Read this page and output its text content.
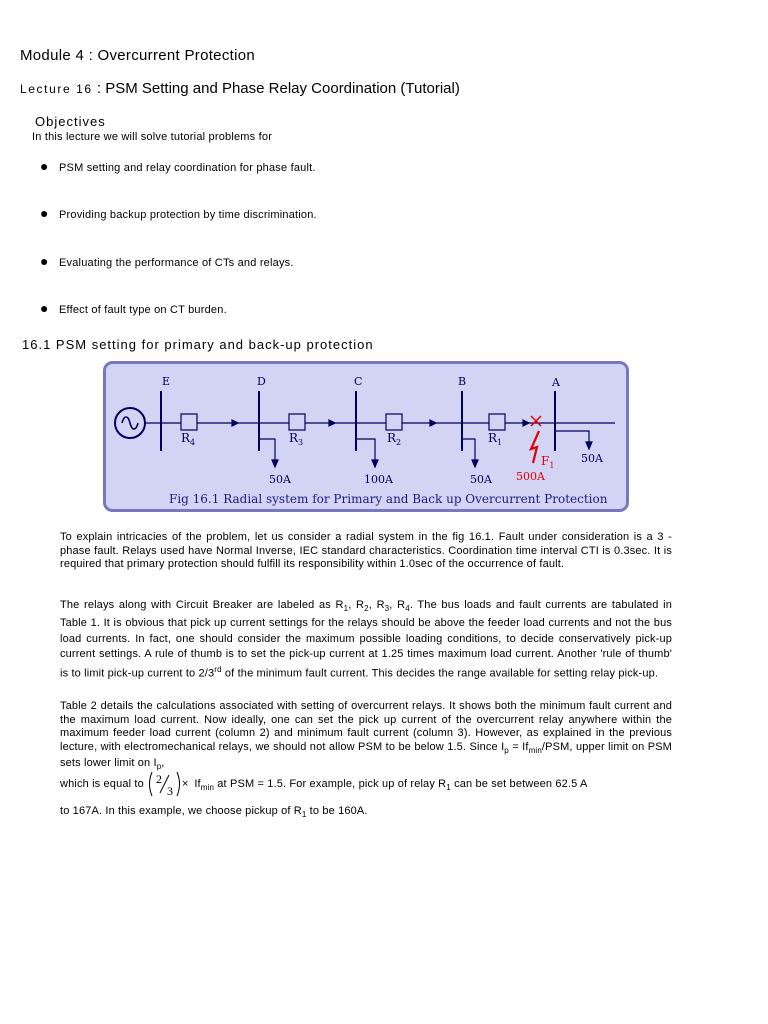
Module 4 : Overcurrent Protection
Lecture 16 : PSM Setting and Phase Relay Coordination (Tutorial)
Objectives
In this lecture we will solve tutorial problems for
● PSM setting and relay coordination for phase fault.
● Providing backup protection by time discrimination.
● Evaluating the performance of CTs and relays.
● Effect of fault type on CT burden.
16.1 PSM setting for primary and back-up protection
E	D	C	B	A
$R_4$	$R_3$	$R_2$	$R_1$
50A	100A	50A
50A
500A
$F_1$
Fig 16.1 Radial system for Primary and Back up Overcurrent Protection
To explain intricacies of the problem, let us consider a radial system in the fig 16.1. Fault under consideration is a 3 - phase fault. Relays used have Normal Inverse, IEC standard characteristics. Coordination time interval CTI is 0.3sec. It is required that primary protection should fulfill its responsibility within 1.0sec of the occurrence of fault.
The relays along with Circuit Breaker are labeled as $R_1$, $R_2$, $R_3$, $R_4$. The bus loads and fault currents are tabulated in Table 1. It is obvious that pick up current settings for the relays should be above the feeder load currents and not the bus load currents. In fact, one should consider the maximum possible loading conditions, to decide conservatively pick-up current settings. A rule of thumb is to set the pick-up current at 1.25 times maximum load current. Another 'rule of thumb' is to limit pick-up current to 2/3rd of the minimum fault current. This decides the range available for setting relay pick-up.
Table 2 details the calculations associated with setting of overcurrent relays. It shows both the minimum fault current and the maximum load current. Now ideally, one can set the pick up current of the overcurrent relay anywhere within the maximum feeder load current (column 2) and minimum fault current (column 3). However, as explained in the previous lecture, with electromechanical relays, we should not allow PSM to be below 1.5. Since $I_p = If_{min}/PSM$, upper limit on PSM sets lower limit on $I_p$,
which is equal to 2
$3 \times If_{min}$ at PSM = 1.5. For example, pick up of relay $R_1$ can be set between 62.5 A
to 167A. In this example, we choose pickup of $R_1$ to be 160A.
